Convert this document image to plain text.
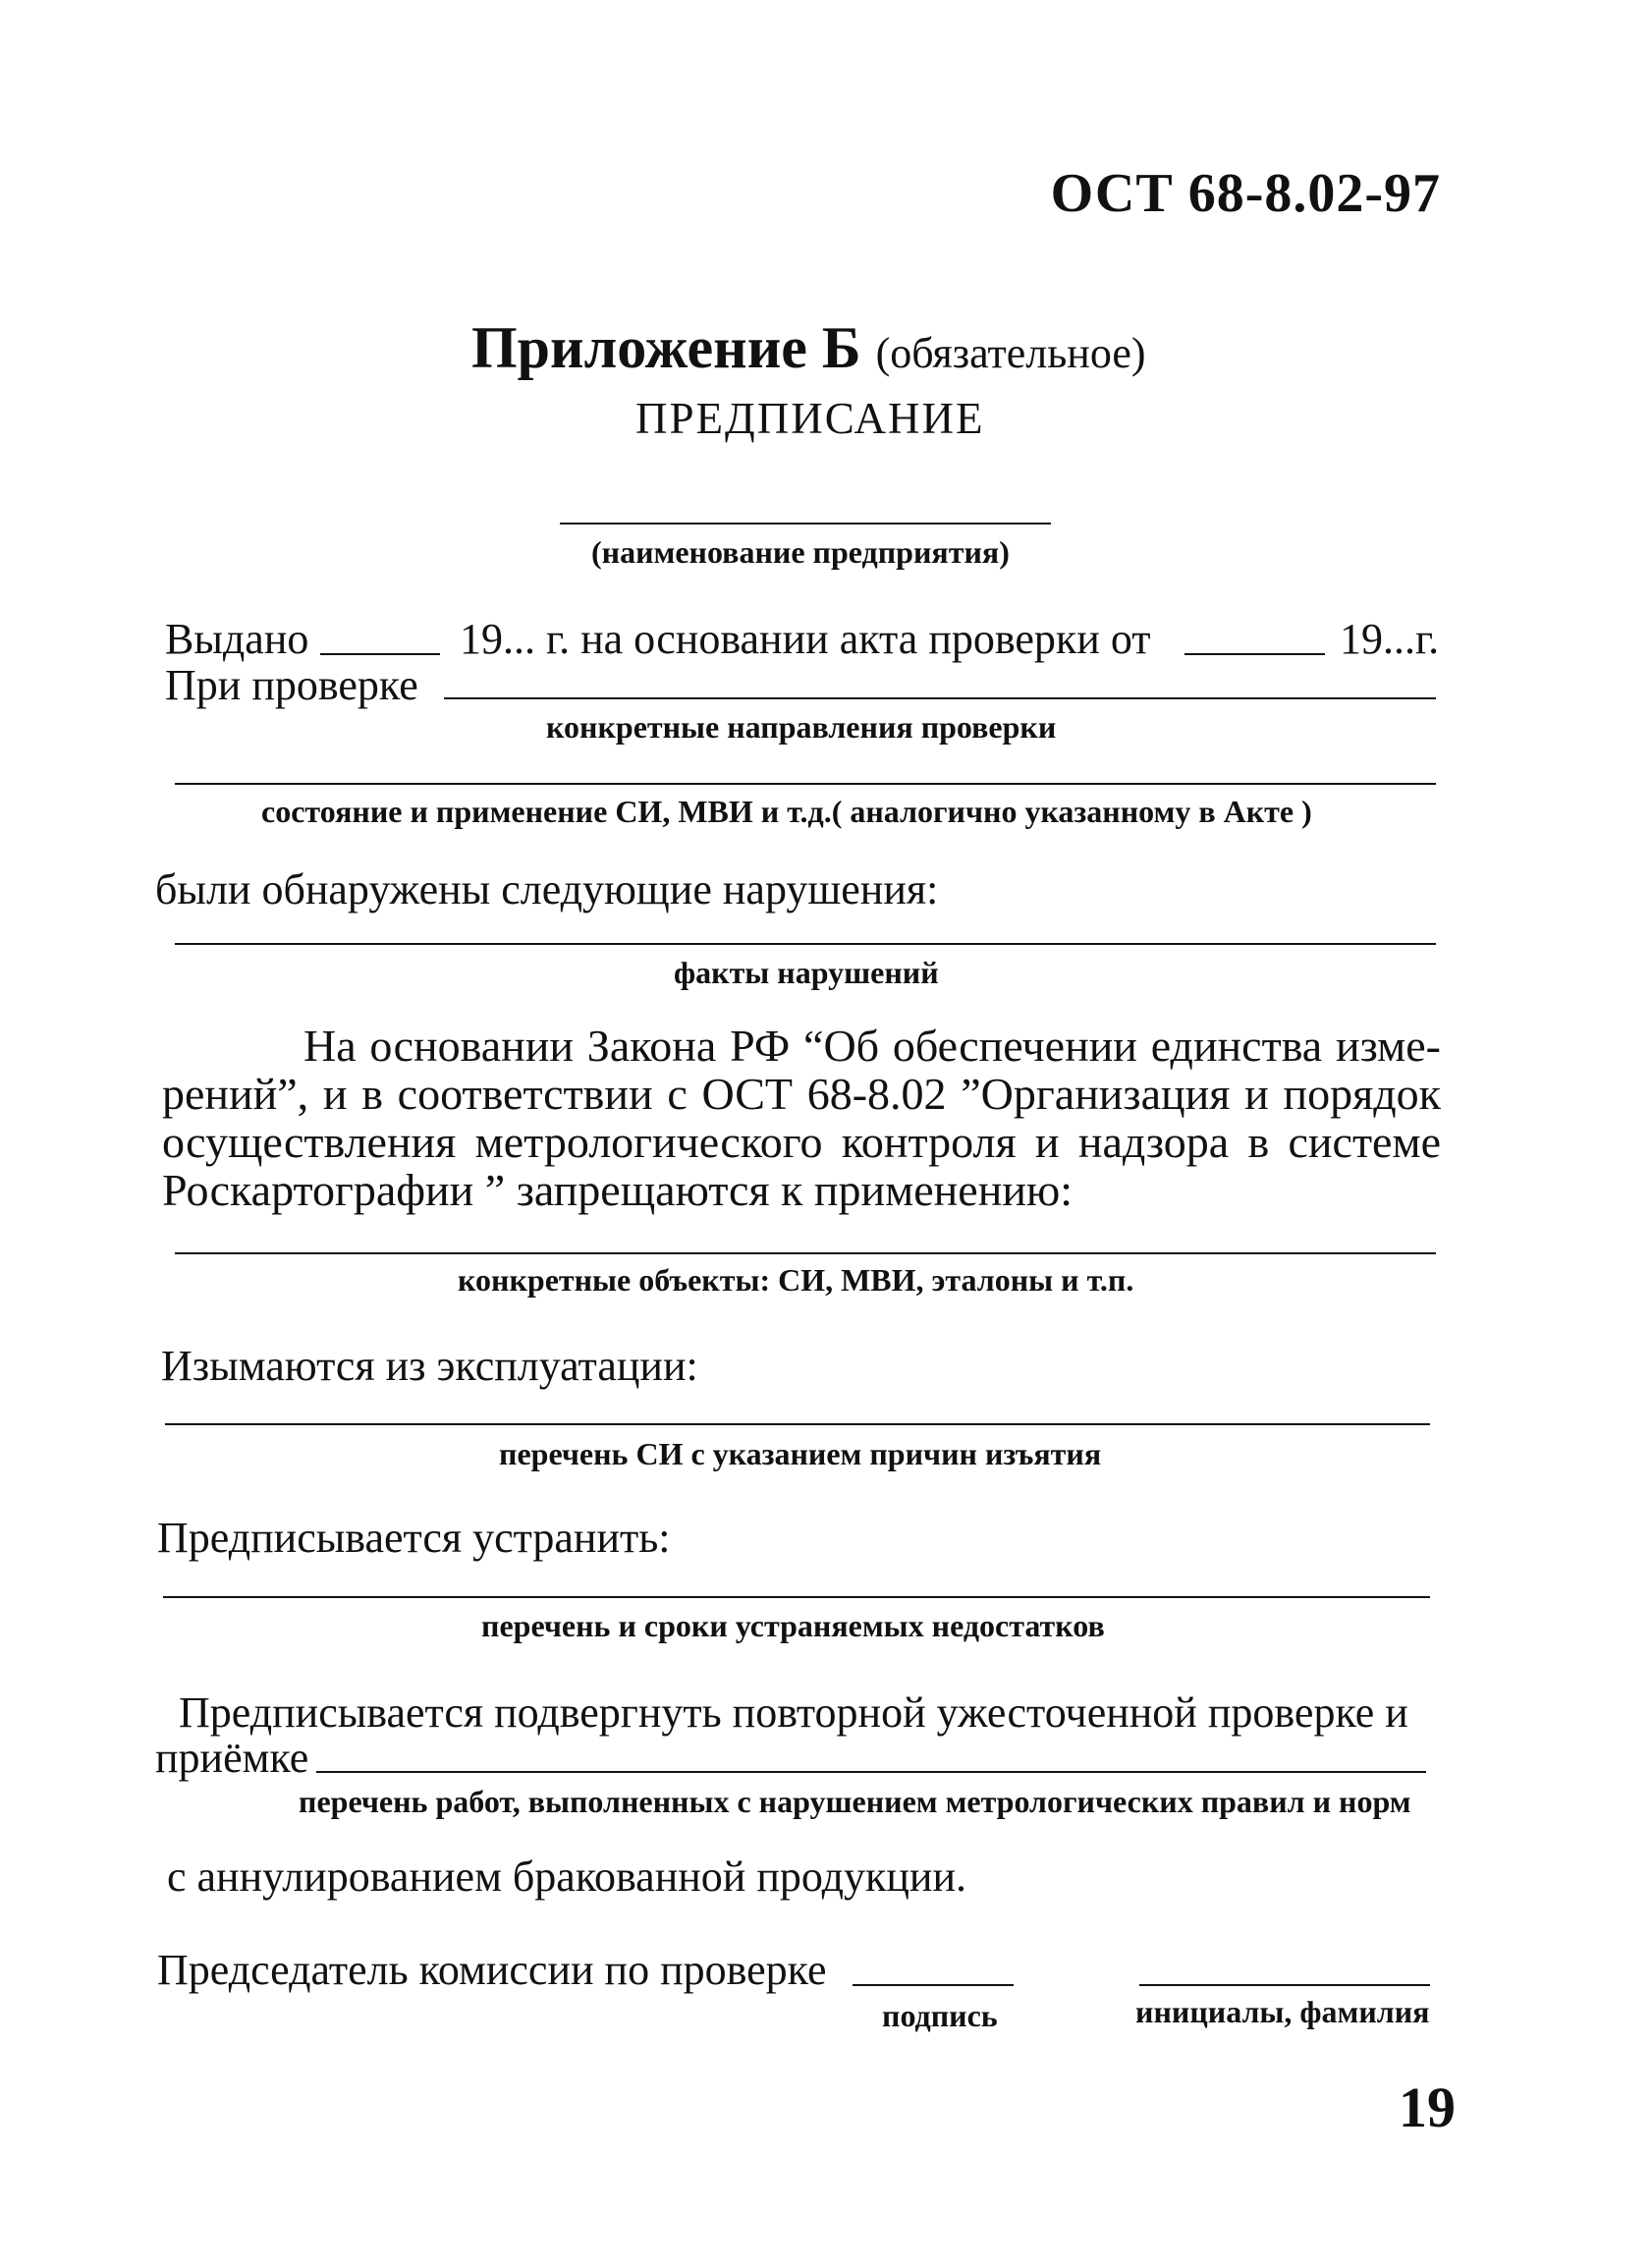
ОСТ 68-8.02-97
Приложение Б (обязательное)
ПРЕДПИСАНИЕ
(наименование предприятия)
Выдано	19... г. на основании акта проверки от	19...г.
При проверке
конкретные направления проверки
состояние и применение СИ, МВИ и т.д.( аналогично указанному в Акте )
были обнаружены следующие нарушения:
факты нарушений
На основании Закона РФ “Об обеспечении единства изме- рений”, и в соответствии с ОСТ 68-8.02 ”Организация и порядок осуществления метрологического контроля и надзора в системе Роскартографии ” запрещаются к применению:
конкретные объекты: СИ, МВИ, эталоны и т.п.
Изымаются из эксплуатации:
перечень СИ с указанием причин изъятия
Предписывается устранить:
перечень и сроки устраняемых недостатков
Предписывается подвергнуть повторной ужесточенной проверке и
приёмке
перечень работ, выполненных с нарушением метрологических правил и норм
с аннулированием бракованной продукции.
Председатель комиссии по проверке
подпись	инициалы, фамилия
19
